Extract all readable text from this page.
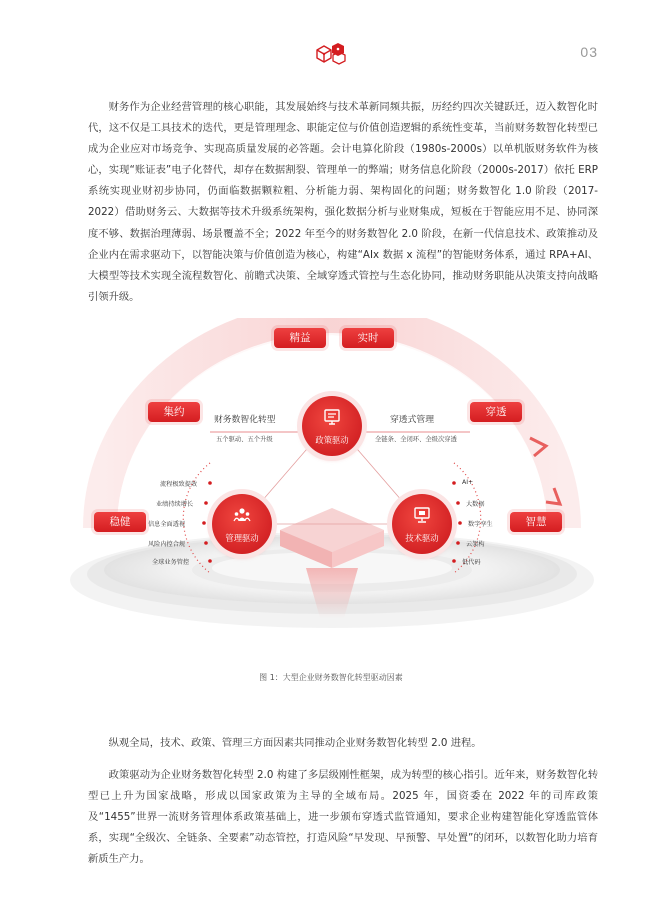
03

财务作为企业经营管理的核心职能，其发展始终与技术革新同频共振，历经约四次关键跃迁，迈入数智化时代，这不仅是工具技术的迭代，更是管理理念、职能定位与价值创造逻辑的系统性变革，当前财务数智化转型已成为企业应对市场竞争、实现高质量发展的必答题。会计电算化阶段（1980s-2000s）以单机版财务软件为核心，实现“账证表”电子化替代，却存在数据割裂、管理单一的弊端；财务信息化阶段（2000s-2017）依托 ERP 系统实现业财初步协同，仍面临数据颗粒粗、分析能力弱、架构固化的问题；财务数智化 1.0 阶段（2017-2022）借助财务云、大数据等技术升级系统架构，强化数据分析与业财集成，短板在于智能应用不足、协同深度不够、数据治理薄弱、场景覆盖不全；2022 年至今的财务数智化 2.0 阶段，在新一代信息技术、政策推动及企业内在需求驱动下，以智能决策与价值创造为核心，构建“AIx 数据 x 流程”的智能财务体系，通过 RPA+AI、大模型等技术实现全流程数智化、前瞻式决策、全域穿透式管控与生态化协同，推动财务职能从决策支持向战略引领升级。

稳健
集约
精益	实时
穿透
智慧
政策驱动
财务数智化转型
五个驱动、五个升级
穿透式管理
全链条、全闭环、全级次穿透
管理驱动
流程极致提效
业绩持续增长
信息全面透视
风险内控合规
全球业务管控
技术驱动
AI+
大数据
数字孪生
云架构
低代码
图 1：大型企业财务数智化转型驱动因素

纵观全局，技术、政策、管理三方面因素共同推动企业财务数智化转型 2.0 进程。

政策驱动为企业财务数智化转型 2.0 构建了多层级刚性框架，成为转型的核心指引。近年来，财务数智化转型已上升为国家战略，形成以国家政策为主导的全域布局。2025 年，国资委在 2022 年的司库政策及“1455”世界一流财务管理体系政策基础上，进一步颁布穿透式监管通知，要求企业构建智能化穿透监管体系，实现“全级次、全链条、全要素”动态管控，打造风险“早发现、早预警、早处置”的闭环，以数智化助力培育新质生产力。
